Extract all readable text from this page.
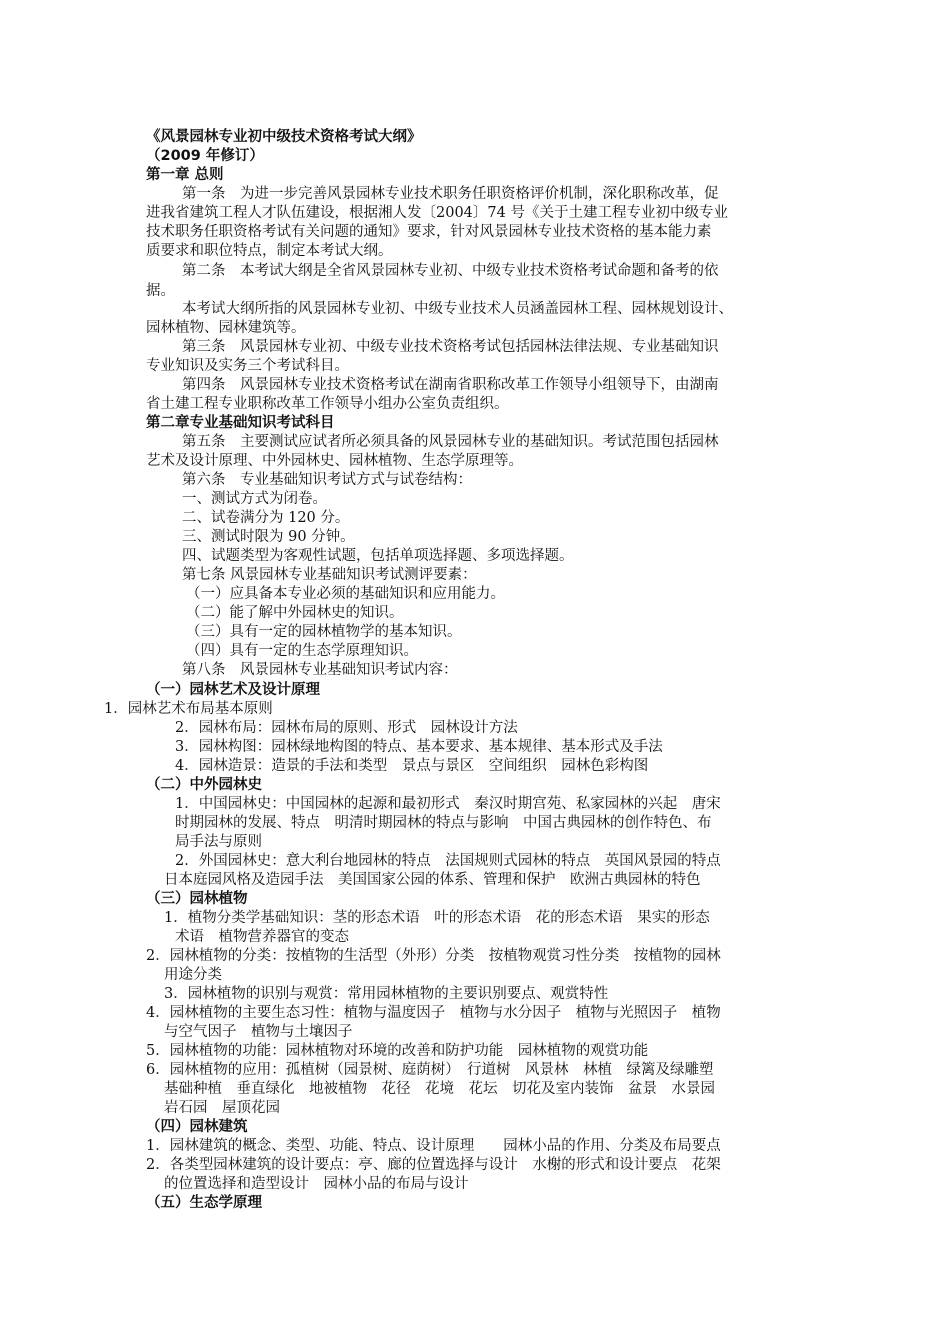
《风景园林专业初中级技术资格考试大纲》
（2009 年修订）
第一章 总则
第一条　为进一步完善风景园林专业技术职务任职资格评价机制，深化职称改革，促
进我省建筑工程人才队伍建设，根据湘人发〔2004〕74 号《关于土建工程专业初中级专业
技术职务任职资格考试有关问题的通知》要求，针对风景园林专业技术资格的基本能力素
质要求和职位特点，制定本考试大纲。
第二条　本考试大纲是全省风景园林专业初、中级专业技术资格考试命题和备考的依
据。
本考试大纲所指的风景园林专业初、中级专业技术人员涵盖园林工程、园林规划设计、
园林植物、园林建筑等。
第三条　风景园林专业初、中级专业技术资格考试包括园林法律法规、专业基础知识
专业知识及实务三个考试科目。
第四条　风景园林专业技术资格考试在湖南省职称改革工作领导小组领导下，由湖南
省土建工程专业职称改革工作领导小组办公室负责组织。
第二章专业基础知识考试科目
第五条　主要测试应试者所必须具备的风景园林专业的基础知识。考试范围包括园林
艺术及设计原理、中外园林史、园林植物、生态学原理等。
第六条　专业基础知识考试方式与试卷结构：
一、测试方式为闭卷。
二、试卷满分为 120 分。
三、测试时限为 90 分钟。
四、试题类型为客观性试题，包括单项选择题、多项选择题。
第七条 风景园林专业基础知识考试测评要素：
（一）应具备本专业必须的基础知识和应用能力。
（二）能了解中外园林史的知识。
（三）具有一定的园林植物学的基本知识。
（四）具有一定的生态学原理知识。
第八条　风景园林专业基础知识考试内容：
（一）园林艺术及设计原理
1．园林艺术布局基本原则
2．园林布局：园林布局的原则、形式　园林设计方法
3．园林构图：园林绿地构图的特点、基本要求、基本规律、基本形式及手法
4．园林造景：造景的手法和类型　景点与景区　空间组织　园林色彩构图
（二）中外园林史
1．中国园林史：中国园林的起源和最初形式　秦汉时期宫苑、私家园林的兴起　唐宋
时期园林的发展、特点　明清时期园林的特点与影响　中国古典园林的创作特色、布
局手法与原则
2．外国园林史：意大利台地园林的特点　法国规则式园林的特点　英国风景园的特点
日本庭园风格及造园手法　美国国家公园的体系、管理和保护　欧洲古典园林的特色
（三）园林植物
1．植物分类学基础知识：茎的形态术语　叶的形态术语　花的形态术语　果实的形态
术语　植物营养器官的变态
2．园林植物的分类：按植物的生活型（外形）分类　按植物观赏习性分类　按植物的园林
用途分类
3．园林植物的识别与观赏：常用园林植物的主要识别要点、观赏特性
4．园林植物的主要生态习性：植物与温度因子　植物与水分因子　植物与光照因子　植物
与空气因子　植物与土壤因子
5．园林植物的功能：园林植物对环境的改善和防护功能　园林植物的观赏功能
6．园林植物的应用：孤植树（园景树、庭荫树）　行道树　风景林　林植　绿篱及绿雕塑
基础种植　垂直绿化　地被植物　花径　花境　花坛　切花及室内装饰　盆景　水景园
岩石园　屋顶花园
（四）园林建筑
1．园林建筑的概念、类型、功能、特点、设计原理　　园林小品的作用、分类及布局要点
2．各类型园林建筑的设计要点：亭、廊的位置选择与设计　水榭的形式和设计要点　花架
的位置选择和造型设计　园林小品的布局与设计
（五）生态学原理
